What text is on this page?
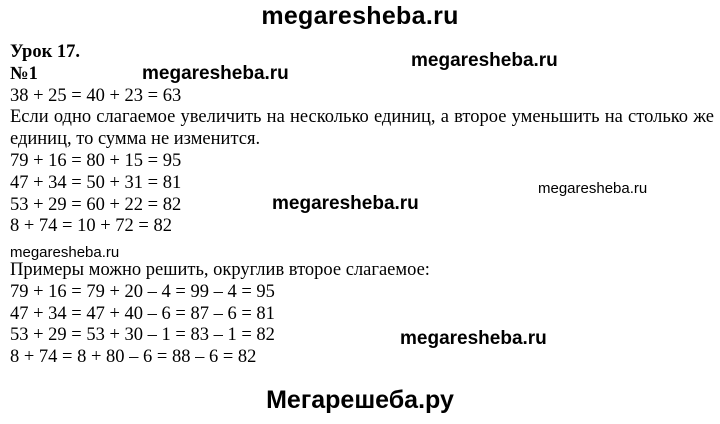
Урок 17.
№1
38 + 25 = 40 + 23 = 63
Если одно слагаемое увеличить на несколько единиц, а второе уменьшить на столько же единиц, то сумма не изменится.
79 + 16 = 80 + 15 = 95
47 + 34 = 50 + 31 = 81
53 + 29 = 60 + 22 = 82
8 + 74 = 10 + 72 = 82
Примеры можно решить, округлив второе слагаемое:
79 + 16 = 79 + 20 – 4 = 99 – 4 = 95
47 + 34 = 47 + 40 – 6 = 87 – 6 = 81
53 + 29 = 53 + 30 – 1 = 83 – 1 = 82
8 + 74 = 8 + 80 – 6 = 88 – 6 = 82
megaresheba.ru
megaresheba.ru
megaresheba.ru
megaresheba.ru
megaresheba.ru
megaresheba.ru
megaresheba.ru
Мегарешеба.ру
